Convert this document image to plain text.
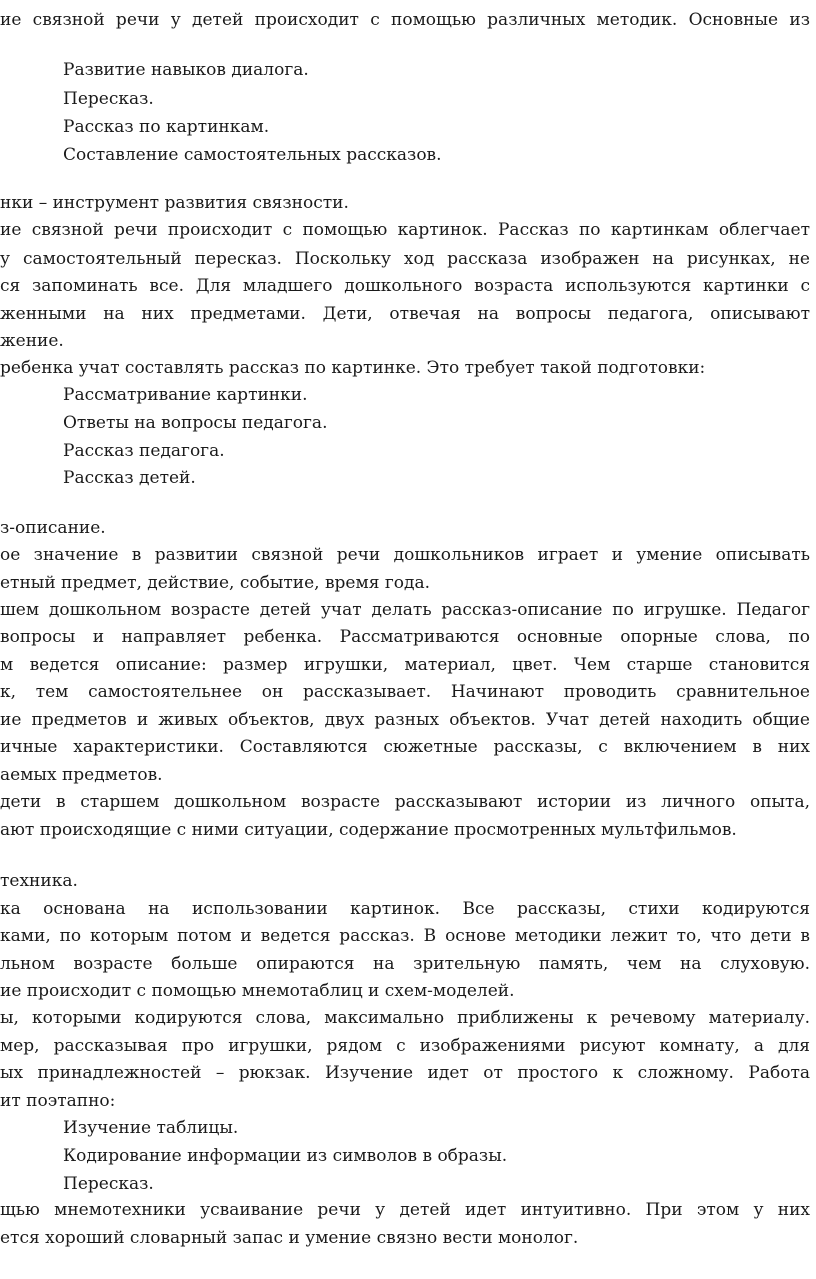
ие связной речи у детей происходит с помощью различных методик. Основные из
Развитие навыков диалога.
Пересказ.
Рассказ по картинкам.
Составление самостоятельных рассказов.
нки – инструмент развития связности.
ие связной речи происходит с помощью картинок. Рассказ по картинкам облегчает
у самостоятельный пересказ. Поскольку ход рассказа изображен на рисунках, не
ся запоминать все. Для младшего дошкольного возраста используются картинки с
женными на них предметами. Дети, отвечая на вопросы педагога, описывают
жение.
ребенка учат составлять рассказ по картинке. Это требует такой подготовки:
Рассматривание картинки.
Ответы на вопросы педагога.
Рассказ педагога.
Рассказ детей.
з-описание.
ое значение в развитии связной речи дошкольников играет и умение описывать
етный предмет, действие, событие, время года.
шем дошкольном возрасте детей учат делать рассказ-описание по игрушке. Педагог
вопросы и направляет ребенка. Рассматриваются основные опорные слова, по
м ведется описание: размер игрушки, материал, цвет. Чем старше становится
к, тем самостоятельнее он рассказывает. Начинают проводить сравнительное
ие предметов и живых объектов, двух разных объектов. Учат детей находить общие
ичные характеристики. Составляются сюжетные рассказы, с включением в них
аемых предметов.
дети в старшем дошкольном возрасте рассказывают истории из личного опыта,
ают происходящие с ними ситуации, содержание просмотренных мультфильмов.
техника.
ка основана на использовании картинок. Все рассказы, стихи кодируются
ками, по которым потом и ведется рассказ. В основе методики лежит то, что дети в
льном возрасте больше опираются на зрительную память, чем на слуховую.
ие происходит с помощью мнемотаблиц и схем-моделей.
ы, которыми кодируются слова, максимально приближены к речевому материалу.
мер, рассказывая про игрушки, рядом с изображениями рисуют комнату, а для
ых принадлежностей – рюкзак. Изучение идет от простого к сложному. Работа
ит поэтапно:
Изучение таблицы.
Кодирование информации из символов в образы.
Пересказ.
щью мнемотехники усваивание речи у детей идет интуитивно. При этом у них
ется хороший словарный запас и умение связно вести монолог.
